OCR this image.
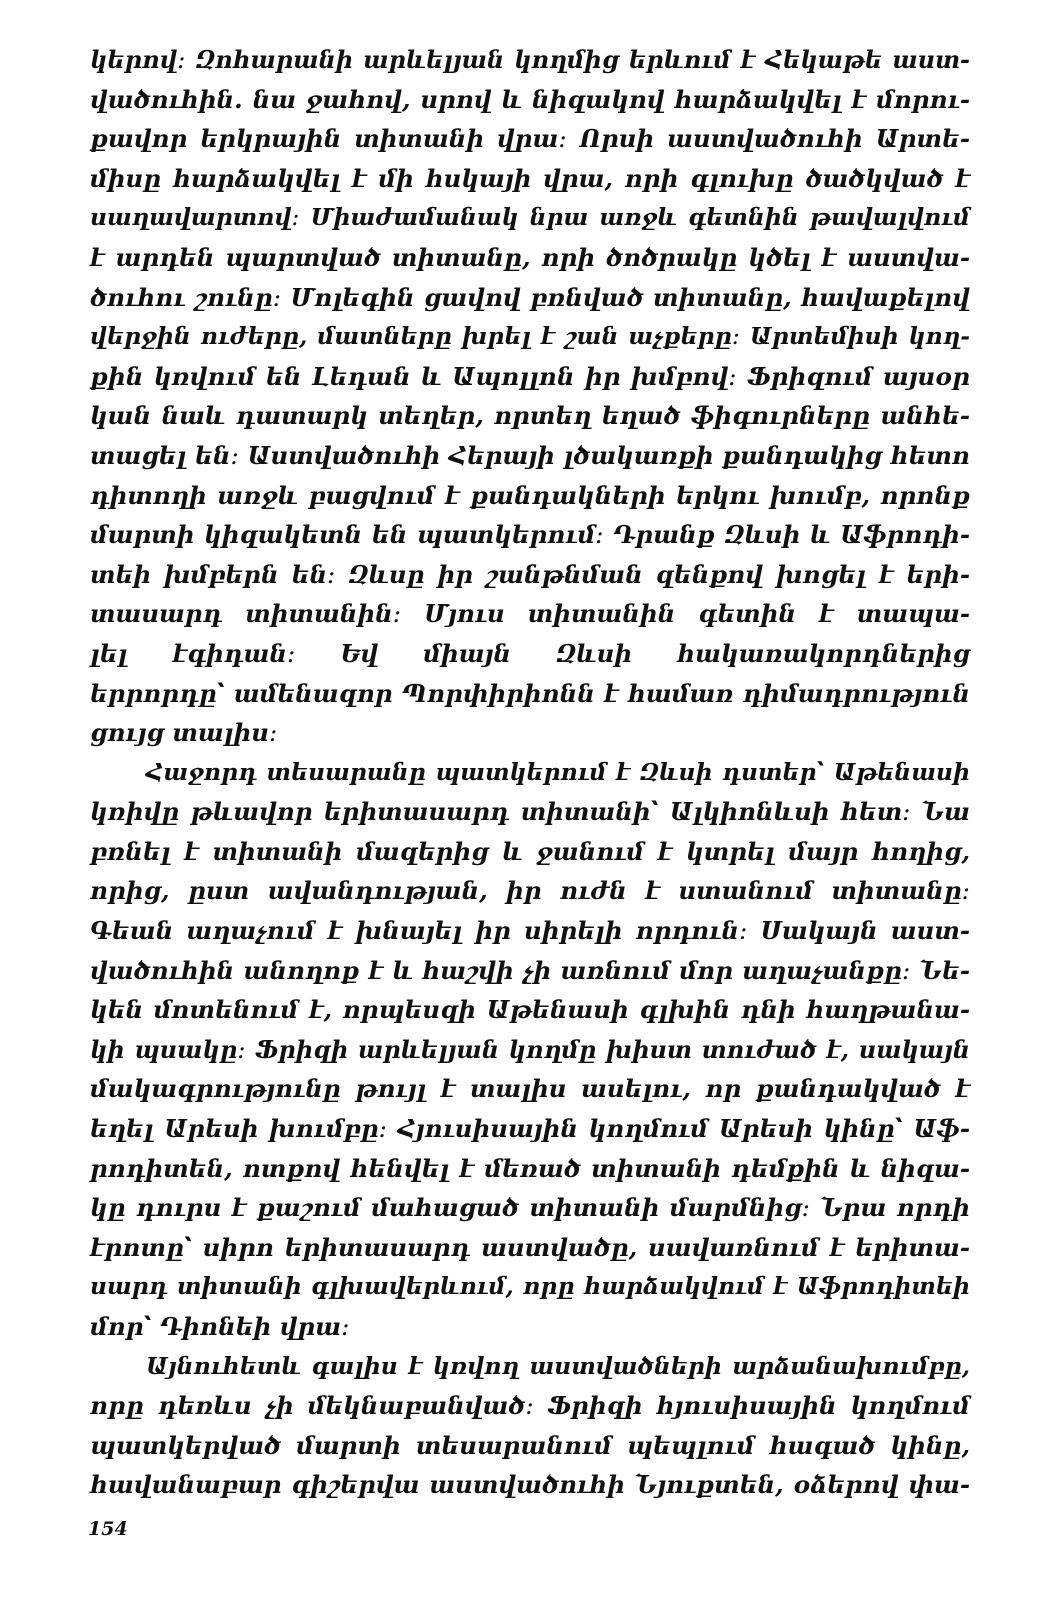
կերով։ Զոհարանի արևելյան կողմից երևում է Հեկաթե աստ-
վածուհին. նա ջահով, սրով և նիզակով հարձակվել է մորու-
քավոր երկրային տիտանի վրա։ Որսի աստվածուհի Արտե-
միսը հարձակվել է մի հսկայի վրա, որի գլուխը ծածկված է
սաղավարտով։ Միաժամանակ նրա առջև գետնին թավալվում
է արդեն պարտված տիտանը, որի ծոծրակը կծել է աստվա-
ծուհու շունը։ Մոլեգին ցավով բռնված տիտանը, հավաքելով
վերջին ուժերը, մատները խրել է շան աչքերը։ Արտեմիսի կող-
քին կռվում են Լեդան և Ապոլլոն իր խմբով։ Ֆրիզում այսօր
կան նաև դատարկ տեղեր, որտեղ եղած ֆիգուրները անհե-
տացել են։ Աստվածուհի Հերայի լծակառքի քանդակից հետո
դիտողի առջև բացվում է քանդակների երկու խումբ, որոնք
մարտի կիզակետն են պատկերում։ Դրանք Զևսի և Աֆրոդի-
տեի խմբերն են։ Զևսը իր շանթնման զենքով խոցել է երի-
տասարդ տիտանին։ Մյուս տիտանին գետին է տապա-
լել էգիդան։ Եվ միայն Զևսի հակառակորդներից
երրորդը՝ ամենազոր Պորփիրիոնն է համառ դիմադրություն
ցույց տալիս։
Հաջորդ տեսարանը պատկերում է Զևսի դստեր՝ Աթենասի
կռիվը թևավոր երիտասարդ տիտանի՝ Ալկիոնևսի հետ։ Նա
բռնել է տիտանի մազերից և ջանում է կտրել մայր հողից,
որից, ըստ ավանդության, իր ուժն է ստանում տիտանը։
Գեան աղաչում է խնայել իր սիրելի որդուն։ Սակայն աստ-
վածուհին անողոք է և հաշվի չի առնում մոր աղաչանքը։ Նե-
կեն մոտենում է, որպեսզի Աթենասի գլխին դնի հաղթանա-
կի պսակը։ Ֆրիզի արևելյան կողմը խիստ տուժած է, սակայն
մակագրությունը թույլ է տալիս ասելու, որ քանդակված է
եղել Արեսի խումբը։ Հյուսիսային կողմում Արեսի կինը՝ Աֆ-
րոդիտեն, ոտքով հենվել է մեռած տիտանի դեմքին և նիզա-
կը դուրս է քաշում մահացած տիտանի մարմնից։ Նրա որդի
էրոտը՝ սիրո երիտասարդ աստվածը, սավառնում է երիտա-
սարդ տիտանի գլխավերևում, որը հարձակվում է Աֆրոդիտեի
մոր՝ Դիոնեի վրա։
Այնուհետև գալիս է կռվող աստվածների արձանախումբը,
որը դեռևս չի մեկնաբանված։ Ֆրիզի հյուսիսային կողմում
պատկերված մարտի տեսարանում պեպլում հագած կինը,
հավանաբար գիշերվա աստվածուհի Նյուքտեն, օձերով փա-
154
